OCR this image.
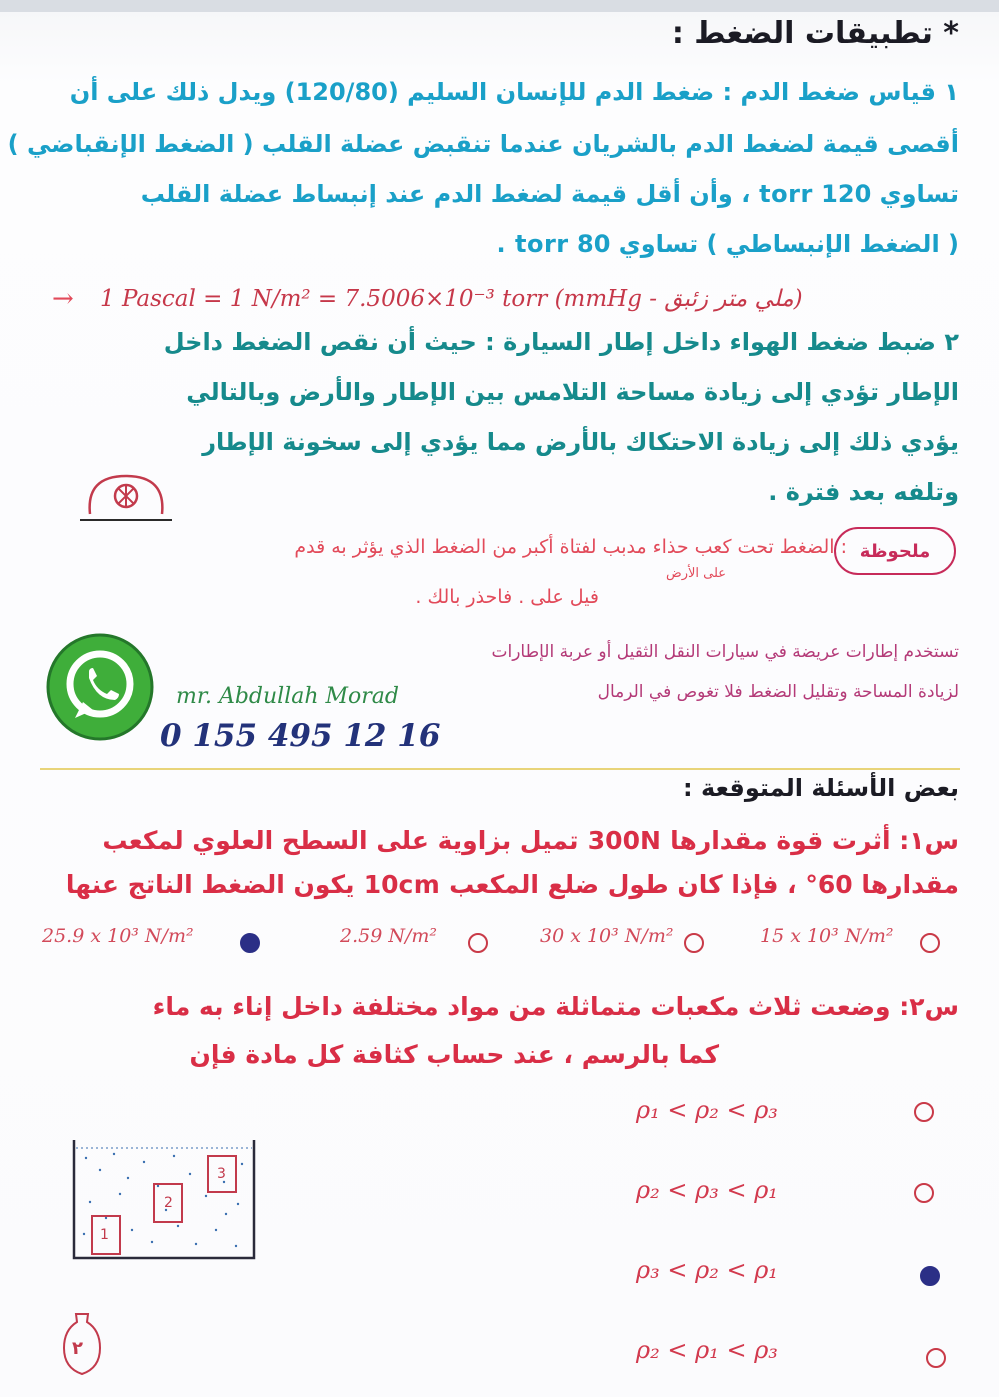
* تطبيقات الضغط :
١ قياس ضغط الدم : ضغط الدم للإنسان السليم (120/80) ويدل ذلك على أن
أقصى قيمة لضغط الدم بالشريان عندما تنقبض عضلة القلب ( الضغط الإنقباضي )
تساوي 120 torr ، وأن أقل قيمة لضغط الدم عند إنبساط عضلة القلب
( الضغط الإنبساطي ) تساوي 80 torr .
→ 1 Pascal = 1 N/m² = 7.5006×10⁻³ torr (mmHg - ملي متر زئبق)
٢ ضبط ضغط الهواء داخل إطار السيارة : حيث أن نقص الضغط داخل
الإطار تؤدي إلى زيادة مساحة التلامس بين الإطار والأرض وبالتالي
يؤدي ذلك إلى زيادة الاحتكاك بالأرض مما يؤدي إلى سخونة الإطار
وتلفه بعد فترة .
ملحوظة
: الضغط تحت كعب حذاء مدبب لفتاة أكبر من الضغط الذي يؤثر به قدم
على الأرض
فيل على . فاحذر بالك .
تستخدم إطارات عريضة في سيارات النقل الثقيل أو عربة الإطارات
لزيادة المساحة وتقليل الضغط فلا تغوص في الرمال
mr. Abdullah Morad
0 155 495 12 16
بعض الأسئلة المتوقعة :
س١: أثرت قوة مقدارها 300N تميل بزاوية على السطح العلوي لمكعب
مقدارها 60° ، فإذا كان طول ضلع المكعب 10cm يكون الضغط الناتج عنها
25.9 x 10³ N/m²	2.59 N/m²	30 x 10³ N/m²	15 x 10³ N/m²
س٢: وضعت ثلاث مكعبات متماثلة من مواد مختلفة داخل إناء به ماء
كما بالرسم ، عند حساب كثافة كل مادة فإن
1
2
3
ρ₁ < ρ₂ < ρ₃
ρ₂ < ρ₃ < ρ₁
ρ₃ < ρ₂ < ρ₁
ρ₂ < ρ₁ < ρ₃
٢
